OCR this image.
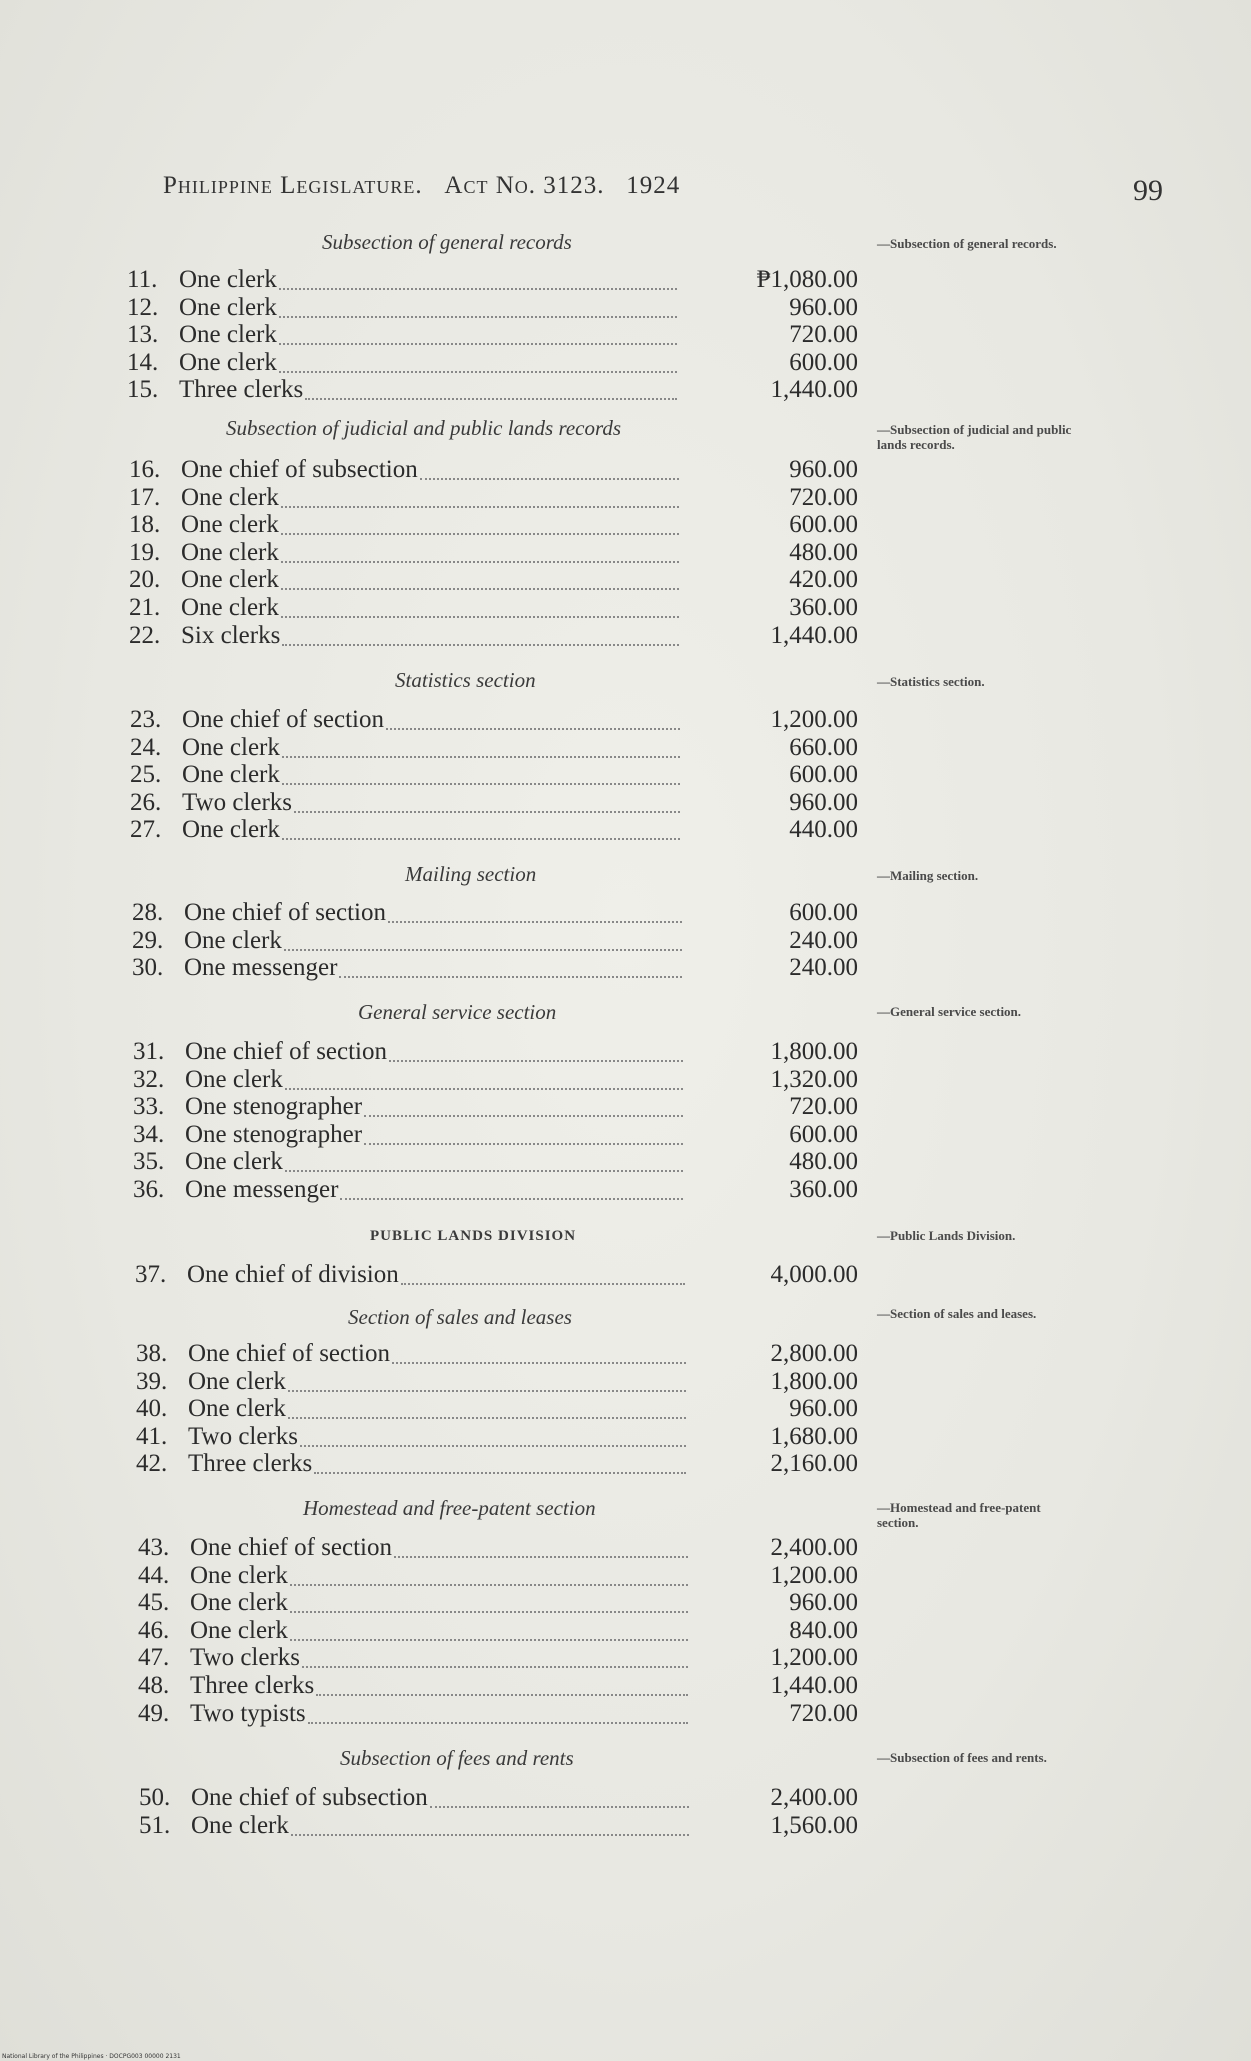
Philippine Legislature. Act No. 3123. 1924	99
Subsection of general records	—Subsection of general records.
11. One clerk	₱1,080.00
12. One clerk	960.00
13. One clerk	720.00
14. One clerk	600.00
15. Three clerks	1,440.00
Subsection of judicial and public lands records	—Subsection of judicial and public lands records.
16. One chief of subsection	960.00
17. One clerk	720.00
18. One clerk	600.00
19. One clerk	480.00
20. One clerk	420.00
21. One clerk	360.00
22. Six clerks	1,440.00
Statistics section	—Statistics section.
23. One chief of section	1,200.00
24. One clerk	660.00
25. One clerk	600.00
26. Two clerks	960.00
27. One clerk	440.00
Mailing section	—Mailing section.
28. One chief of section	600.00
29. One clerk	240.00
30. One messenger	240.00
General service section	—General service section.
31. One chief of section	1,800.00
32. One clerk	1,320.00
33. One stenographer	720.00
34. One stenographer	600.00
35. One clerk	480.00
36. One messenger	360.00
PUBLIC LANDS DIVISION	—Public Lands Division.
37. One chief of division	4,000.00
Section of sales and leases	—Section of sales and leases.
38. One chief of section	2,800.00
39. One clerk	1,800.00
40. One clerk	960.00
41. Two clerks	1,680.00
42. Three clerks	2,160.00
Homestead and free-patent section	—Homestead and free-patent section.
43. One chief of section	2,400.00
44. One clerk	1,200.00
45. One clerk	960.00
46. One clerk	840.00
47. Two clerks	1,200.00
48. Three clerks	1,440.00
49. Two typists	720.00
Subsection of fees and rents	—Subsection of fees and rents.
50. One chief of subsection	2,400.00
51. One clerk	1,560.00
National Library of the Philippines · DOCPG003 00000 2131
